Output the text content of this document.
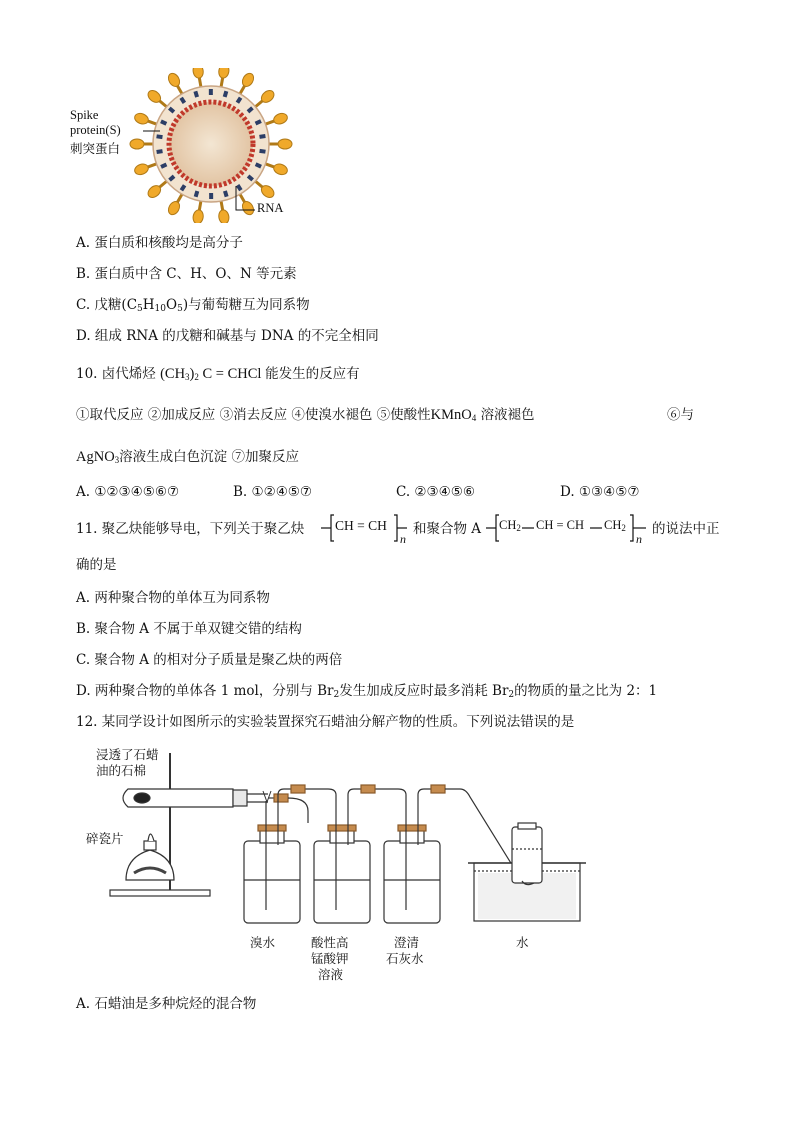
Spike
protein(S)
刺突蛋白
RNA
A. 蛋白质和核酸均是高分子
B. 蛋白质中含 C、H、O、N 等元素
C. 戊糖$(C_5H_{10}O_5)$与葡萄糖互为同系物
D. 组成 RNA 的戊糖和碱基与 DNA 的不完全相同
10. 卤代烯烃 $(CH_3)_2$ C = CHCl 能发生的反应有
①取代反应 ②加成反应 ③消去反应 ④使溴水褪色 ⑤使酸性KMnO$_4$ 溶液褪色	⑥与
AgNO$_3$溶液生成白色沉淀 ⑦加聚反应
A. ①②③④⑤⑥⑦	B. ①②④⑤⑦	C. ②③④⑤⑥	D. ①③④⑤⑦
11. 聚乙炔能够导电，下列关于聚乙炔 CH = CH
n
和聚合物 A $CH_2$ CH = CH $CH_2$
n
的说法中正
确的是
A. 两种聚合物的单体互为同系物
B. 聚合物 A 不属于单双键交错的结构
C. 聚合物 A 的相对分子质量是聚乙炔的两倍
D. 两种聚合物的单体各 1 mol，分别与 $Br_2$发生加成反应时最多消耗 $Br_2$的物质的量之比为 2：1
12. 某同学设计如图所示的实验装置探究石蜡油分解产物的性质。下列说法错误的是
浸透了石蜡
油的石棉
碎瓷片
溴水	酸性高
锰酸钾
溶液
澄清
石灰水
水
A. 石蜡油是多种烷烃的混合物
